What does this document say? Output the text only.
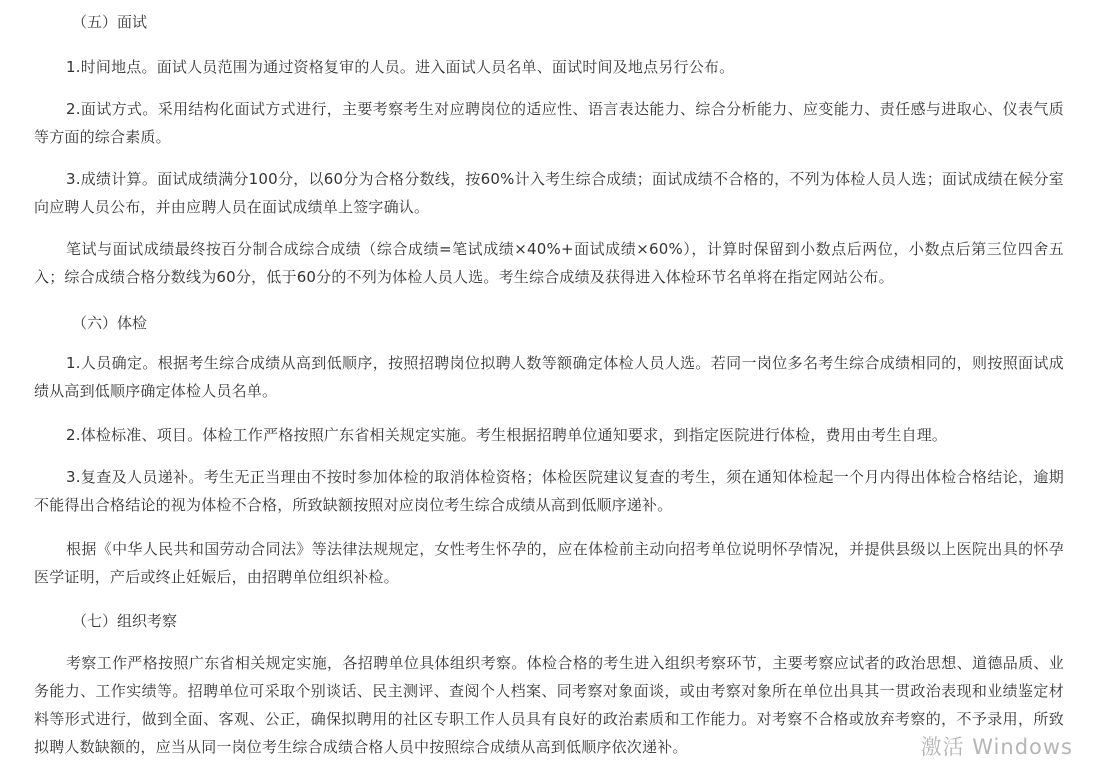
（五）面试
1.时间地点。面试人员范围为通过资格复审的人员。进入面试人员名单、面试时间及地点另行公布。
2.面试方式。采用结构化面试方式进行，主要考察考生对应聘岗位的适应性、语言表达能力、综合分析能力、应变能力、责任感与进取心、仪表气质等方面的综合素质。
3.成绩计算。面试成绩满分100分，以60分为合格分数线，按60%计入考生综合成绩；面试成绩不合格的，不列为体检人员人选；面试成绩在候分室向应聘人员公布，并由应聘人员在面试成绩单上签字确认。
笔试与面试成绩最终按百分制合成综合成绩（综合成绩=笔试成绩×40%+面试成绩×60%），计算时保留到小数点后两位，小数点后第三位四舍五入；综合成绩合格分数线为60分，低于60分的不列为体检人员人选。考生综合成绩及获得进入体检环节名单将在指定网站公布。
（六）体检
1.人员确定。根据考生综合成绩从高到低顺序，按照招聘岗位拟聘人数等额确定体检人员人选。若同一岗位多名考生综合成绩相同的，则按照面试成绩从高到低顺序确定体检人员名单。
2.体检标准、项目。体检工作严格按照广东省相关规定实施。考生根据招聘单位通知要求，到指定医院进行体检，费用由考生自理。
3.复查及人员递补。考生无正当理由不按时参加体检的取消体检资格；体检医院建议复查的考生，须在通知体检起一个月内得出体检合格结论，逾期不能得出合格结论的视为体检不合格，所致缺额按照对应岗位考生综合成绩从高到低顺序递补。
根据《中华人民共和国劳动合同法》等法律法规规定，女性考生怀孕的，应在体检前主动向招考单位说明怀孕情况，并提供县级以上医院出具的怀孕医学证明，产后或终止妊娠后，由招聘单位组织补检。
（七）组织考察
考察工作严格按照广东省相关规定实施，各招聘单位具体组织考察。体检合格的考生进入组织考察环节，主要考察应试者的政治思想、道德品质、业务能力、工作实绩等。招聘单位可采取个别谈话、民主测评、查阅个人档案、同考察对象面谈，或由考察对象所在单位出具其一贯政治表现和业绩鉴定材料等形式进行，做到全面、客观、公正，确保拟聘用的社区专职工作人员具有良好的政治素质和工作能力。对考察不合格或放弃考察的，不予录用，所致拟聘人数缺额的，应当从同一岗位考生综合成绩合格人员中按照综合成绩从高到低顺序依次递补。	激活 Windows
